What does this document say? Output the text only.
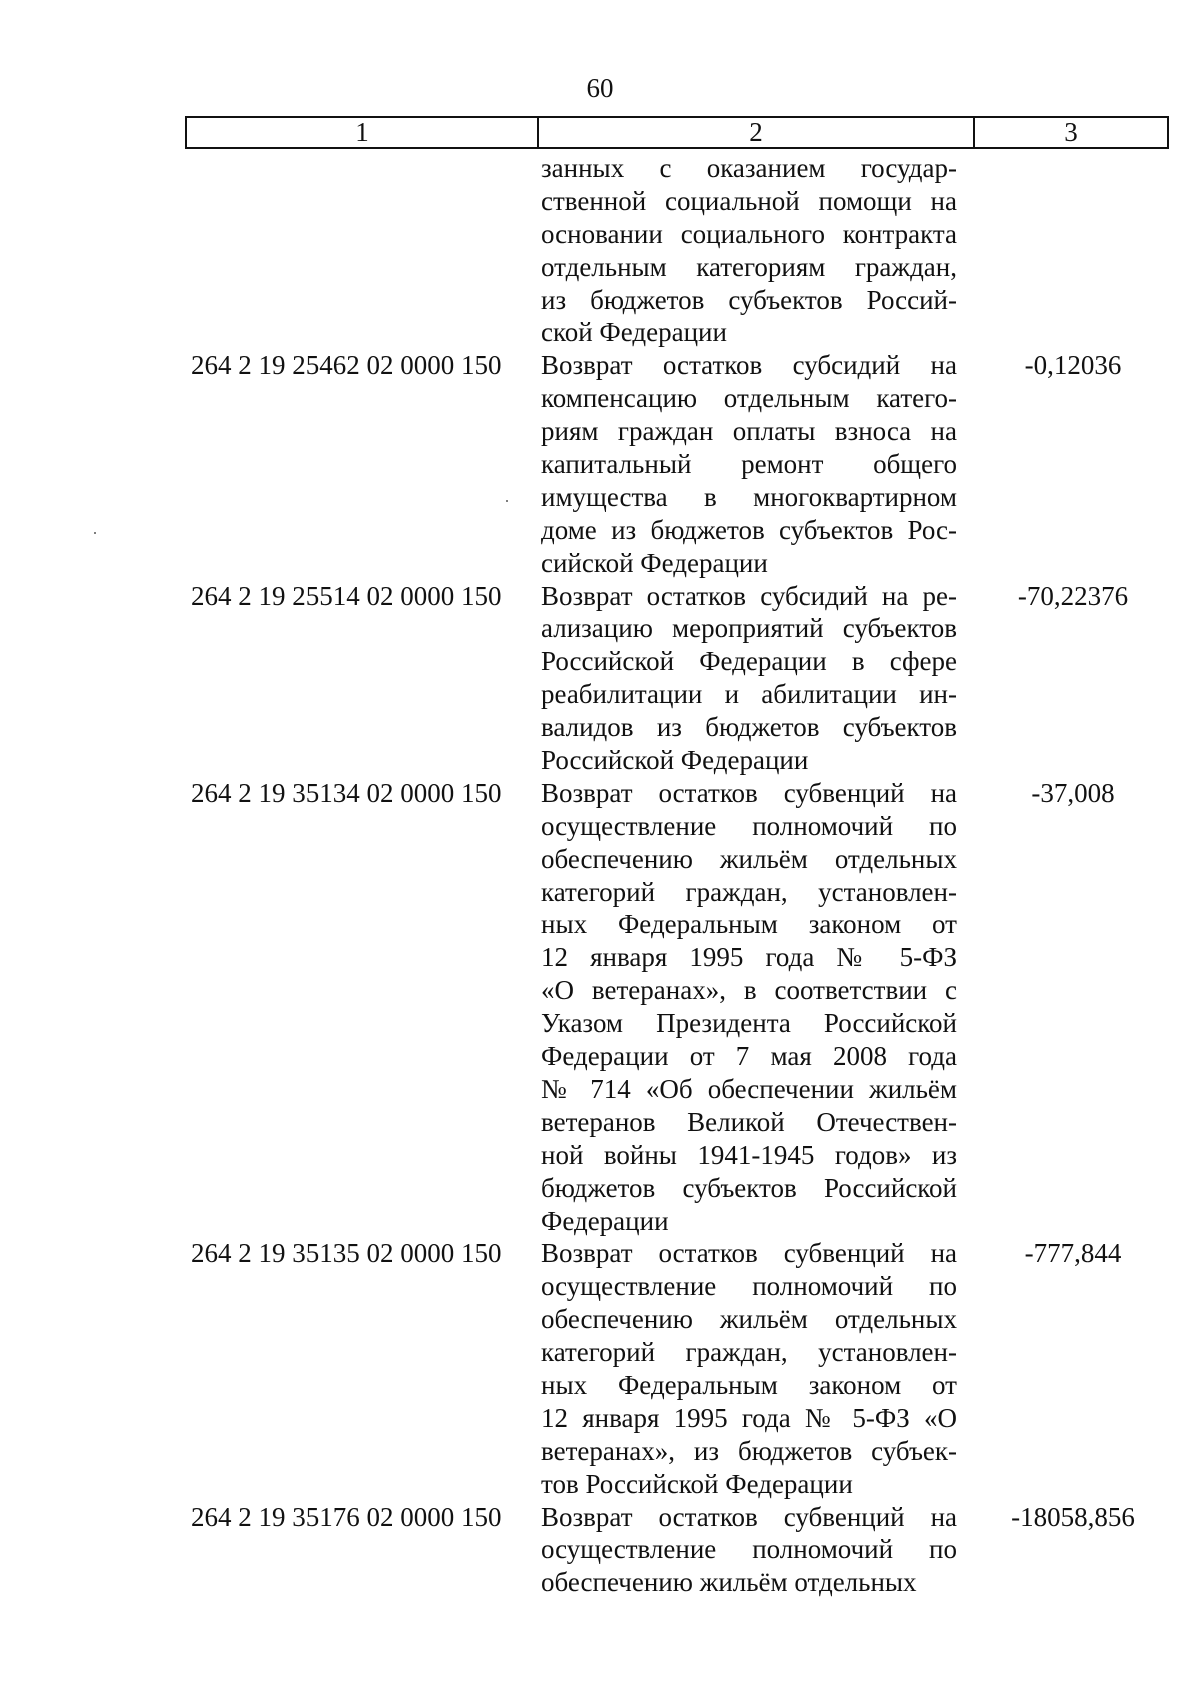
60
1	2	3
занных с оказанием государ-
ственной социальной помощи на
основании социального контракта
отдельным категориям граждан,
из бюджетов субъектов Россий-
ской Федерации
264 2 19 25462 02 0000 150	Возврат остатков субсидий на
компенсацию отдельным катего-
риям граждан оплаты взноса на
капитальный ремонт общего
имущества в многоквартирном
доме из бюджетов субъектов Рос-
сийской Федерации
-0,12036
264 2 19 25514 02 0000 150	Возврат остатков субсидий на ре-
ализацию мероприятий субъектов
Российской Федерации в сфере
реабилитации и абилитации ин-
валидов из бюджетов субъектов
Российской Федерации
-70,22376
264 2 19 35134 02 0000 150	Возврат остатков субвенций на
осуществление полномочий по
обеспечению жильём отдельных
категорий граждан, установлен-
ных Федеральным законом от
12 января 1995 года № 5-ФЗ
«О ветеранах», в соответствии с
Указом Президента Российской
Федерации от 7 мая 2008 года
№ 714 «Об обеспечении жильём
ветеранов Великой Отечествен-
ной войны 1941-1945 годов» из
бюджетов субъектов Российской
Федерации
-37,008
264 2 19 35135 02 0000 150	Возврат остатков субвенций на
осуществление полномочий по
обеспечению жильём отдельных
категорий граждан, установлен-
ных Федеральным законом от
12 января 1995 года № 5-ФЗ «О
ветеранах», из бюджетов субъек-
тов Российской Федерации
-777,844
264 2 19 35176 02 0000 150	Возврат остатков субвенций на
осуществление полномочий по
обеспечению жильём отдельных
-18058,856
